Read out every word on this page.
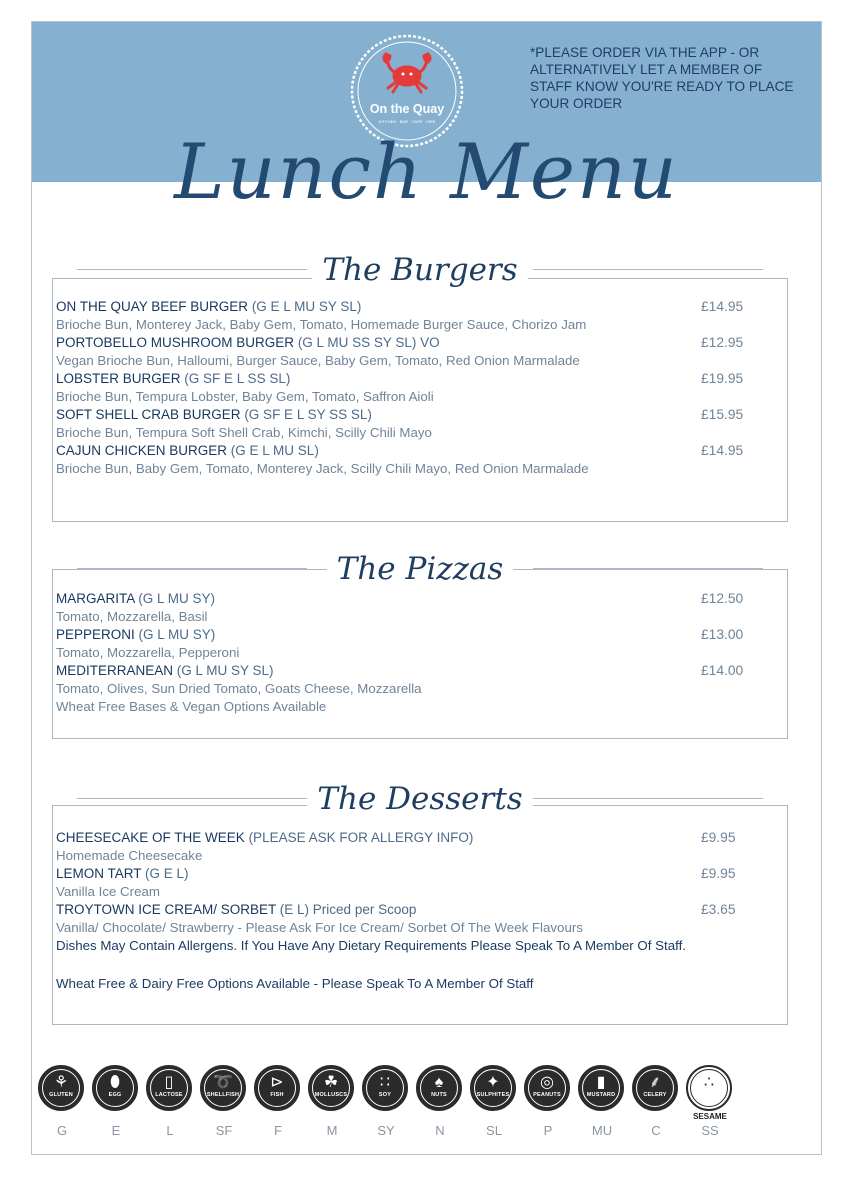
On the Quay
KITCHEN · BAR · CAFE · HIRE
*PLEASE ORDER VIA THE APP - OR ALTERNATIVELY LET A MEMBER OF STAFF KNOW YOU'RE READY TO PLACE YOUR ORDER
Lunch Menu
The Burgers
ON THE QUAY BEEF BURGER (G E L MU SY SL)	£14.95
Brioche Bun, Monterey Jack, Baby Gem, Tomato, Homemade Burger Sauce, Chorizo Jam
PORTOBELLO MUSHROOM BURGER (G L MU SS SY SL) VO	£12.95
Vegan Brioche Bun, Halloumi, Burger Sauce, Baby Gem, Tomato, Red Onion Marmalade
LOBSTER BURGER (G SF E L SS SL)	£19.95
Brioche Bun, Tempura Lobster, Baby Gem, Tomato, Saffron Aioli
SOFT SHELL CRAB BURGER (G SF E L SY SS SL)	£15.95
Brioche Bun, Tempura Soft Shell Crab, Kimchi, Scilly Chili Mayo
CAJUN CHICKEN BURGER (G E L MU SL)	£14.95
Brioche Bun, Baby Gem, Tomato, Monterey Jack, Scilly Chili Mayo, Red Onion Marmalade
The Pizzas
MARGARITA (G L MU SY)	£12.50
Tomato, Mozzarella, Basil
PEPPERONI (G L MU SY)	£13.00
Tomato, Mozzarella, Pepperoni
MEDITERRANEAN (G L MU SY SL)	£14.00
Tomato, Olives, Sun Dried Tomato, Goats Cheese, Mozzarella
Wheat Free Bases & Vegan Options Available
The Desserts
CHEESECAKE OF THE WEEK (PLEASE ASK FOR ALLERGY INFO)	£9.95
Homemade Cheesecake
LEMON TART (G E L)	£9.95
Vanilla Ice Cream
TROYTOWN ICE CREAM/ SORBET (E L) Priced per Scoop	£3.65
Vanilla/ Chocolate/ Strawberry - Please Ask For Ice Cream/ Sorbet Of The Week Flavours
Dishes May Contain Allergens. If You Have Any Dietary Requirements Please Speak To A Member Of Staff.
Wheat Free & Dairy Free Options Available - Please Speak To A Member Of Staff
⚘
GLUTEN
G
⬮
EGG
E
▯
LACTOSE
L
➰
SHELLFISH
SF
⊳
FISH
F
☘
MOLLUSCS
M
∷
SOY
SY
♠
NUTS
N
✦
SULPHITES
SL
◎
PEANUTS
P
▮
MUSTARD
MU
⸙
CELERY
C
∴
SESAME
SS
